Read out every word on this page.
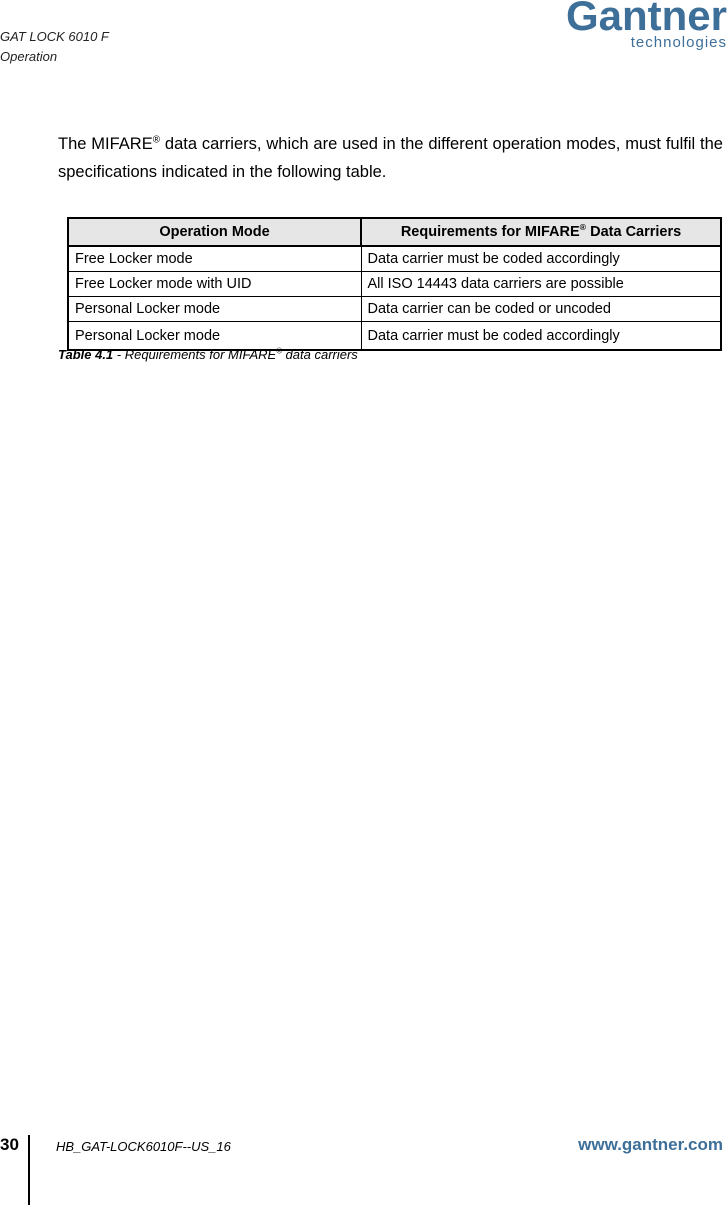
GAT LOCK 6010 F
Operation
Gantner
technologies

The MIFARE® data carriers, which are used in the different operation modes, must fulfil the specifications indicated in the following table.

Operation Mode	Requirements for MIFARE® Data Carriers
Free Locker mode	Data carrier must be coded accordingly
Free Locker mode with UID	All ISO 14443 data carriers are possible
Personal Locker mode	Data carrier can be coded or uncoded
Personal Locker mode	Data carrier must be coded accordingly
Table 4.1 - Requirements for MIFARE® data carriers
30	HB_GAT-LOCK6010F--US_16	www.gantner.com
